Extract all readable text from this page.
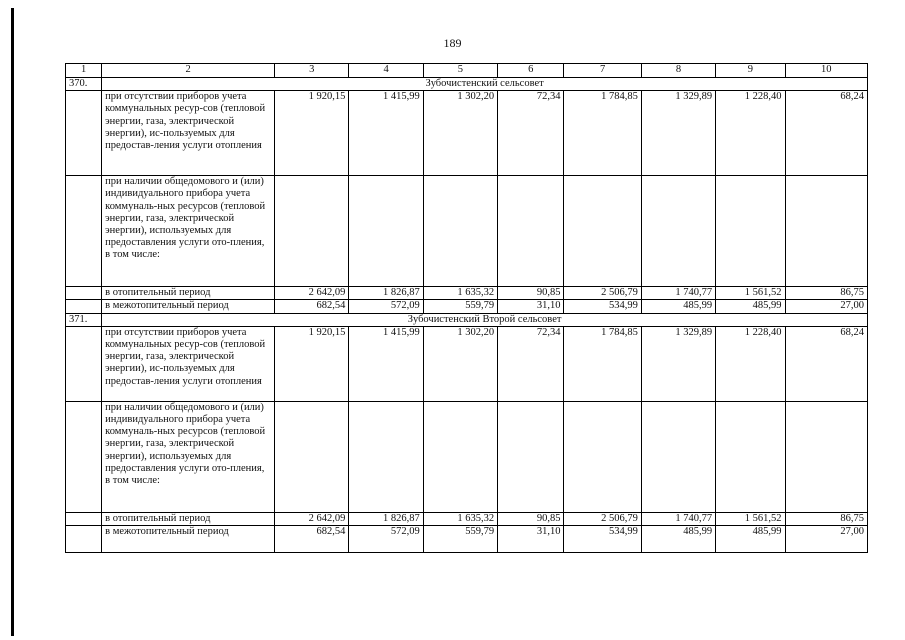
189
1	2	3	4	5	6	7	8	9	10
370.	Зубочистенский сельсовет								
	при отсутствии приборов учета коммунальных ресур-сов (тепловой энергии, газа, электрической энергии), ис-пользуемых для предостав-ления услуги отопления	1 920,15	1 415,99	1 302,20	72,34	1 784,85	1 329,89	1 228,40	68,24
	при наличии общедомового и (или) индивидуального прибора учета коммуналь-ных ресурсов (тепловой энергии, газа, электрической энергии), используемых для предоставления услуги ото-пления, в том числе:								
	в отопительный период	2 642,09	1 826,87	1 635,32	90,85	2 506,79	1 740,77	1 561,52	86,75
	в межотопительный период	682,54	572,09	559,79	31,10	534,99	485,99	485,99	27,00
371.	Зубочистенский Второй сельсовет								
	при отсутствии приборов учета коммунальных ресур-сов (тепловой энергии, газа, электрической энергии), ис-пользуемых для предостав-ления услуги отопления	1 920,15	1 415,99	1 302,20	72,34	1 784,85	1 329,89	1 228,40	68,24
	при наличии общедомового и (или) индивидуального прибора учета коммуналь-ных ресурсов (тепловой энергии, газа, электрической энергии), используемых для предоставления услуги ото-пления, в том числе:								
	в отопительный период	2 642,09	1 826,87	1 635,32	90,85	2 506,79	1 740,77	1 561,52	86,75
	в межотопительный период	682,54	572,09	559,79	31,10	534,99	485,99	485,99	27,00
